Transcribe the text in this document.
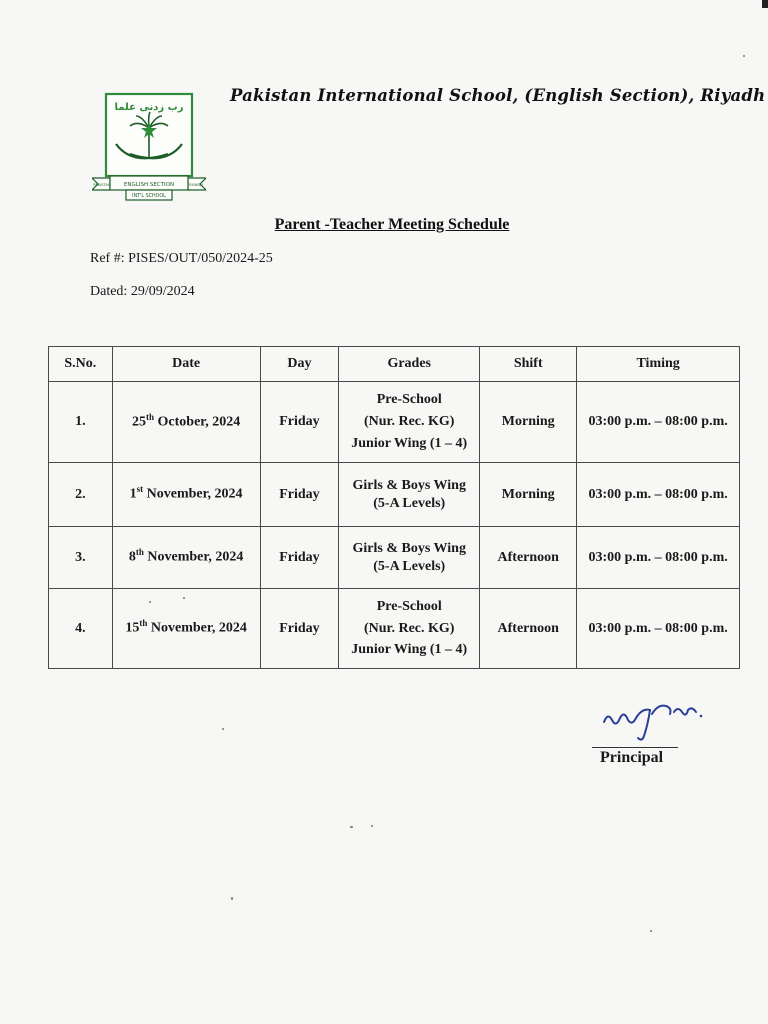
رب زدنی علما
ENGLISH SECTION
PAKISTAN	RIYADH
INT'L SCHOOL
Pakistan International School, (English Section), Riyadh
Parent -Teacher Meeting Schedule
Ref #: PISES/OUT/050/2024-25
Dated: 29/09/2024
S.No.	Date	Day	Grades	Shift	Timing
1.	25th October, 2024	Friday	Pre-School
(Nur. Rec. KG)
Junior Wing (1 – 4)	Morning	03:00 p.m. – 08:00 p.m.
2.	1st November, 2024	Friday	Girls & Boys Wing
(5-A Levels)	Morning	03:00 p.m. – 08:00 p.m.
3.	8th November, 2024	Friday	Girls & Boys Wing
(5-A Levels)	Afternoon	03:00 p.m. – 08:00 p.m.
4.	15th November, 2024	Friday	Pre-School
(Nur. Rec. KG)
Junior Wing (1 – 4)	Afternoon	03:00 p.m. – 08:00 p.m.
Principal
